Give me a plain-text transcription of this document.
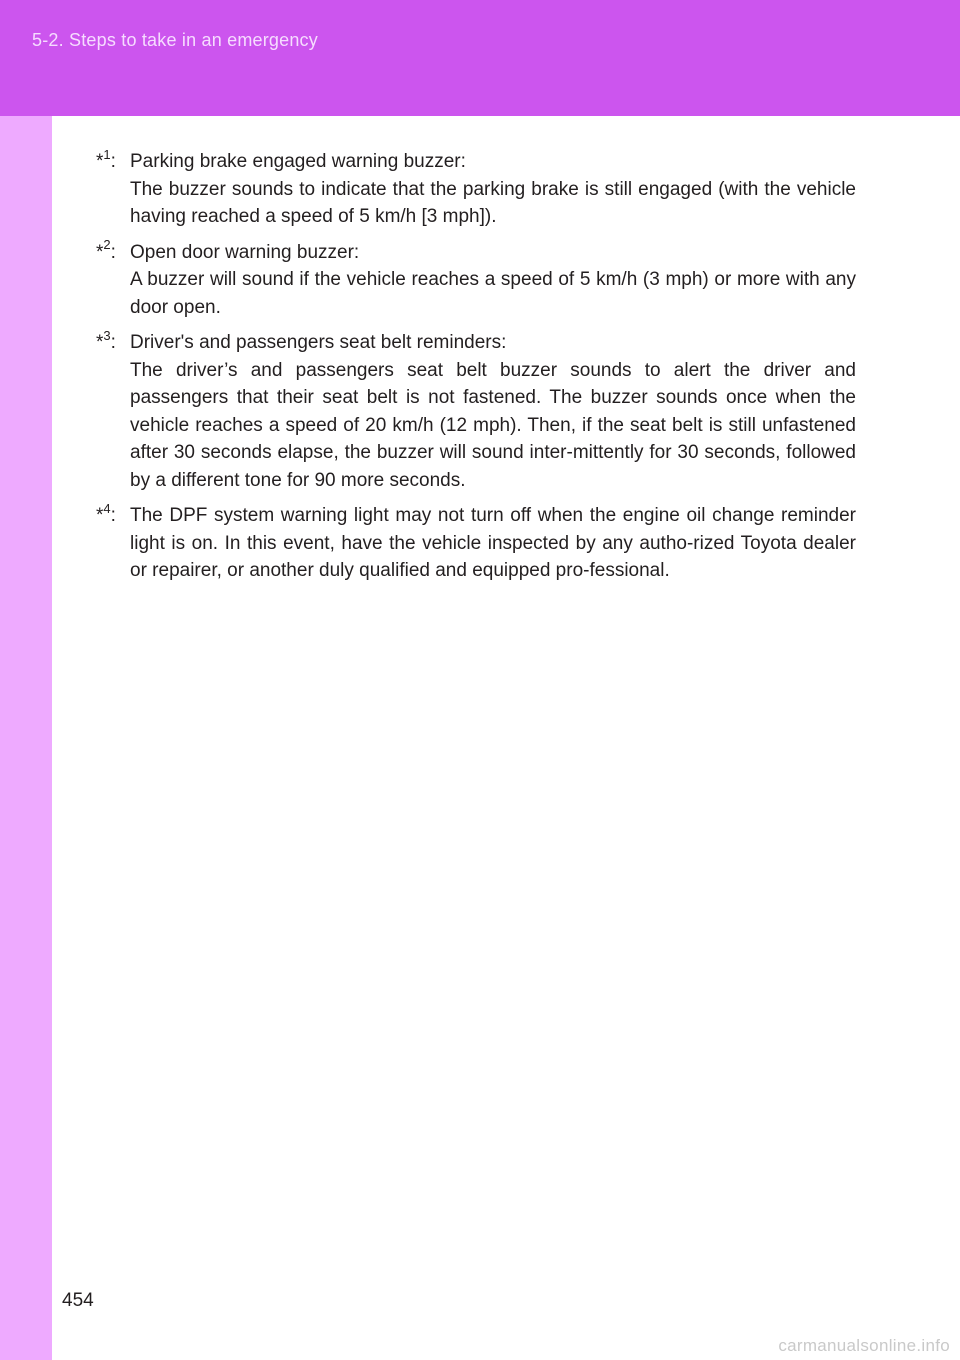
5-2. Steps to take in an emergency
*$^1$: Parking brake engaged warning buzzer:

The buzzer sounds to indicate that the parking brake is still engaged (with the vehicle having reached a speed of 5 km/h [3 mph]).

*$^2$: Open door warning buzzer:

A buzzer will sound if the vehicle reaches a speed of 5 km/h (3 mph) or more with any door open.

*$^3$: Driver's and passengers seat belt reminders:

The driver’s and passengers seat belt buzzer sounds to alert the driver and passengers that their seat belt is not fastened. The buzzer sounds once when the vehicle reaches a speed of 20 km/h (12 mph). Then, if the seat belt is still unfastened after 30 seconds elapse, the buzzer will sound inter-mittently for 30 seconds, followed by a different tone for 90 more seconds.

*$^4$: The DPF system warning light may not turn off when the engine oil change reminder light is on. In this event, have the vehicle inspected by any autho-rized Toyota dealer or repairer, or another duly qualified and equipped pro-fessional.

454
carmanualsonline.info
